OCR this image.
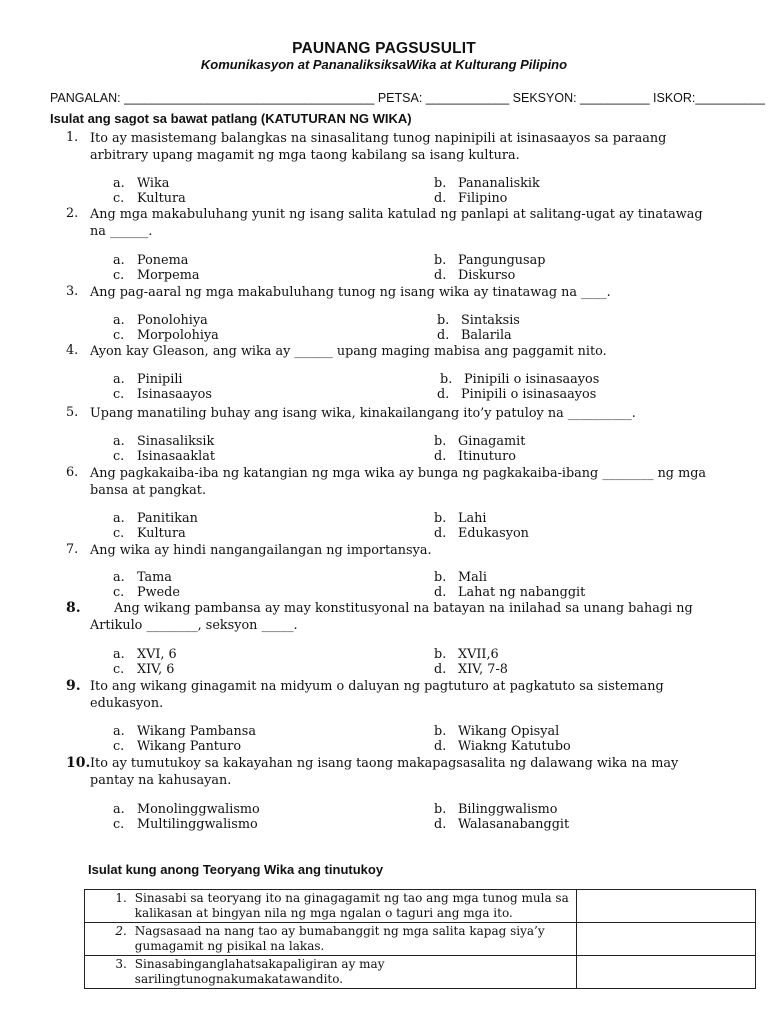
PAUNANG PAGSUSULIT
Komunikasyon at PananaliksiksaWika at Kulturang Pilipino
PANGALAN: ____________________________________ PETSA: ____________ SEKSYON: __________ ISKOR:__________
Isulat ang sagot sa bawat patlang (KATUTURAN NG WIKA)
1. Ito ay masistemang balangkas na sinasalitang tunog napinipili at isinasaayos sa paraang arbitrary upang magamit ng mga taong kabilang sa isang kultura.
a. Wika	b. Pananaliskik
c. Kultura	d. Filipino
2. Ang mga makabuluhang yunit ng isang salita katulad ng panlapi at salitang-ugat ay tinatawag na ______.
a. Ponema	b. Pangungusap
c. Morpema	d. Diskurso
3. Ang pag-aaral ng mga makabuluhang tunog ng isang wika ay tinatawag na ____.
a. Ponolohiya	b. Sintaksis
c. Morpolohiya	d. Balarila
4. Ayon kay Gleason, ang wika ay ______ upang maging mabisa ang paggamit nito.
a. Pinipili	b. Pinipili o isinasaayos
c. Isinasaayos	d. Pinipili o isinasaayos
5. Upang manatiling buhay ang isang wika, kinakailangang ito’y patuloy na __________.
a. Sinasaliksik	b. Ginagamit
c. Isinasaaklat	d. Itinuturo
6. Ang pagkakaiba-iba ng katangian ng mga wika ay bunga ng pagkakaiba-ibang ________ ng mga bansa at pangkat.
a. Panitikan	b. Lahi
c. Kultura	d. Edukasyon
7. Ang wika ay hindi nangangailangan ng importansya.
a. Tama	b. Mali
c. Pwede	d. Lahat ng nabanggit
8.	Ang wikang pambansa ay may konstitusyonal na batayan na inilahad sa unang bahagi ng Artikulo ________, seksyon _____.
a. XVI, 6	b. XVII,6
c. XIV, 6	d. XIV, 7-8
9. Ito ang wikang ginagamit na midyum o daluyan ng pagtuturo at pagkatuto sa sistemang edukasyon.
a. Wikang Pambansa	b. Wikang Opisyal
c. Wikang Panturo	d. Wiakng Katutubo
10. Ito ay tumutukoy sa kakayahan ng isang taong makapagsasalita ng dalawang wika na may pantay na kahusayan.
a. Monolinggwalismo	b. Bilinggwalismo
c. Multilinggwalismo	d. Walasanabanggit
Isulat kung anong Teoryang Wika ang tinutukoy
1.	Sinasabi sa teoryang ito na ginagagamit ng tao ang mga tunog mula sa kalikasan at bingyan nila ng mga ngalan o taguri ang mga ito.	
2.	Nagsasaad na nang tao ay bumabanggit ng mga salita kapag siya’y gumagamit ng pisikal na lakas.	
3.	Sinasabinganglahatsakapaligiran ay may sarilingtunognakumakatawandito.	
